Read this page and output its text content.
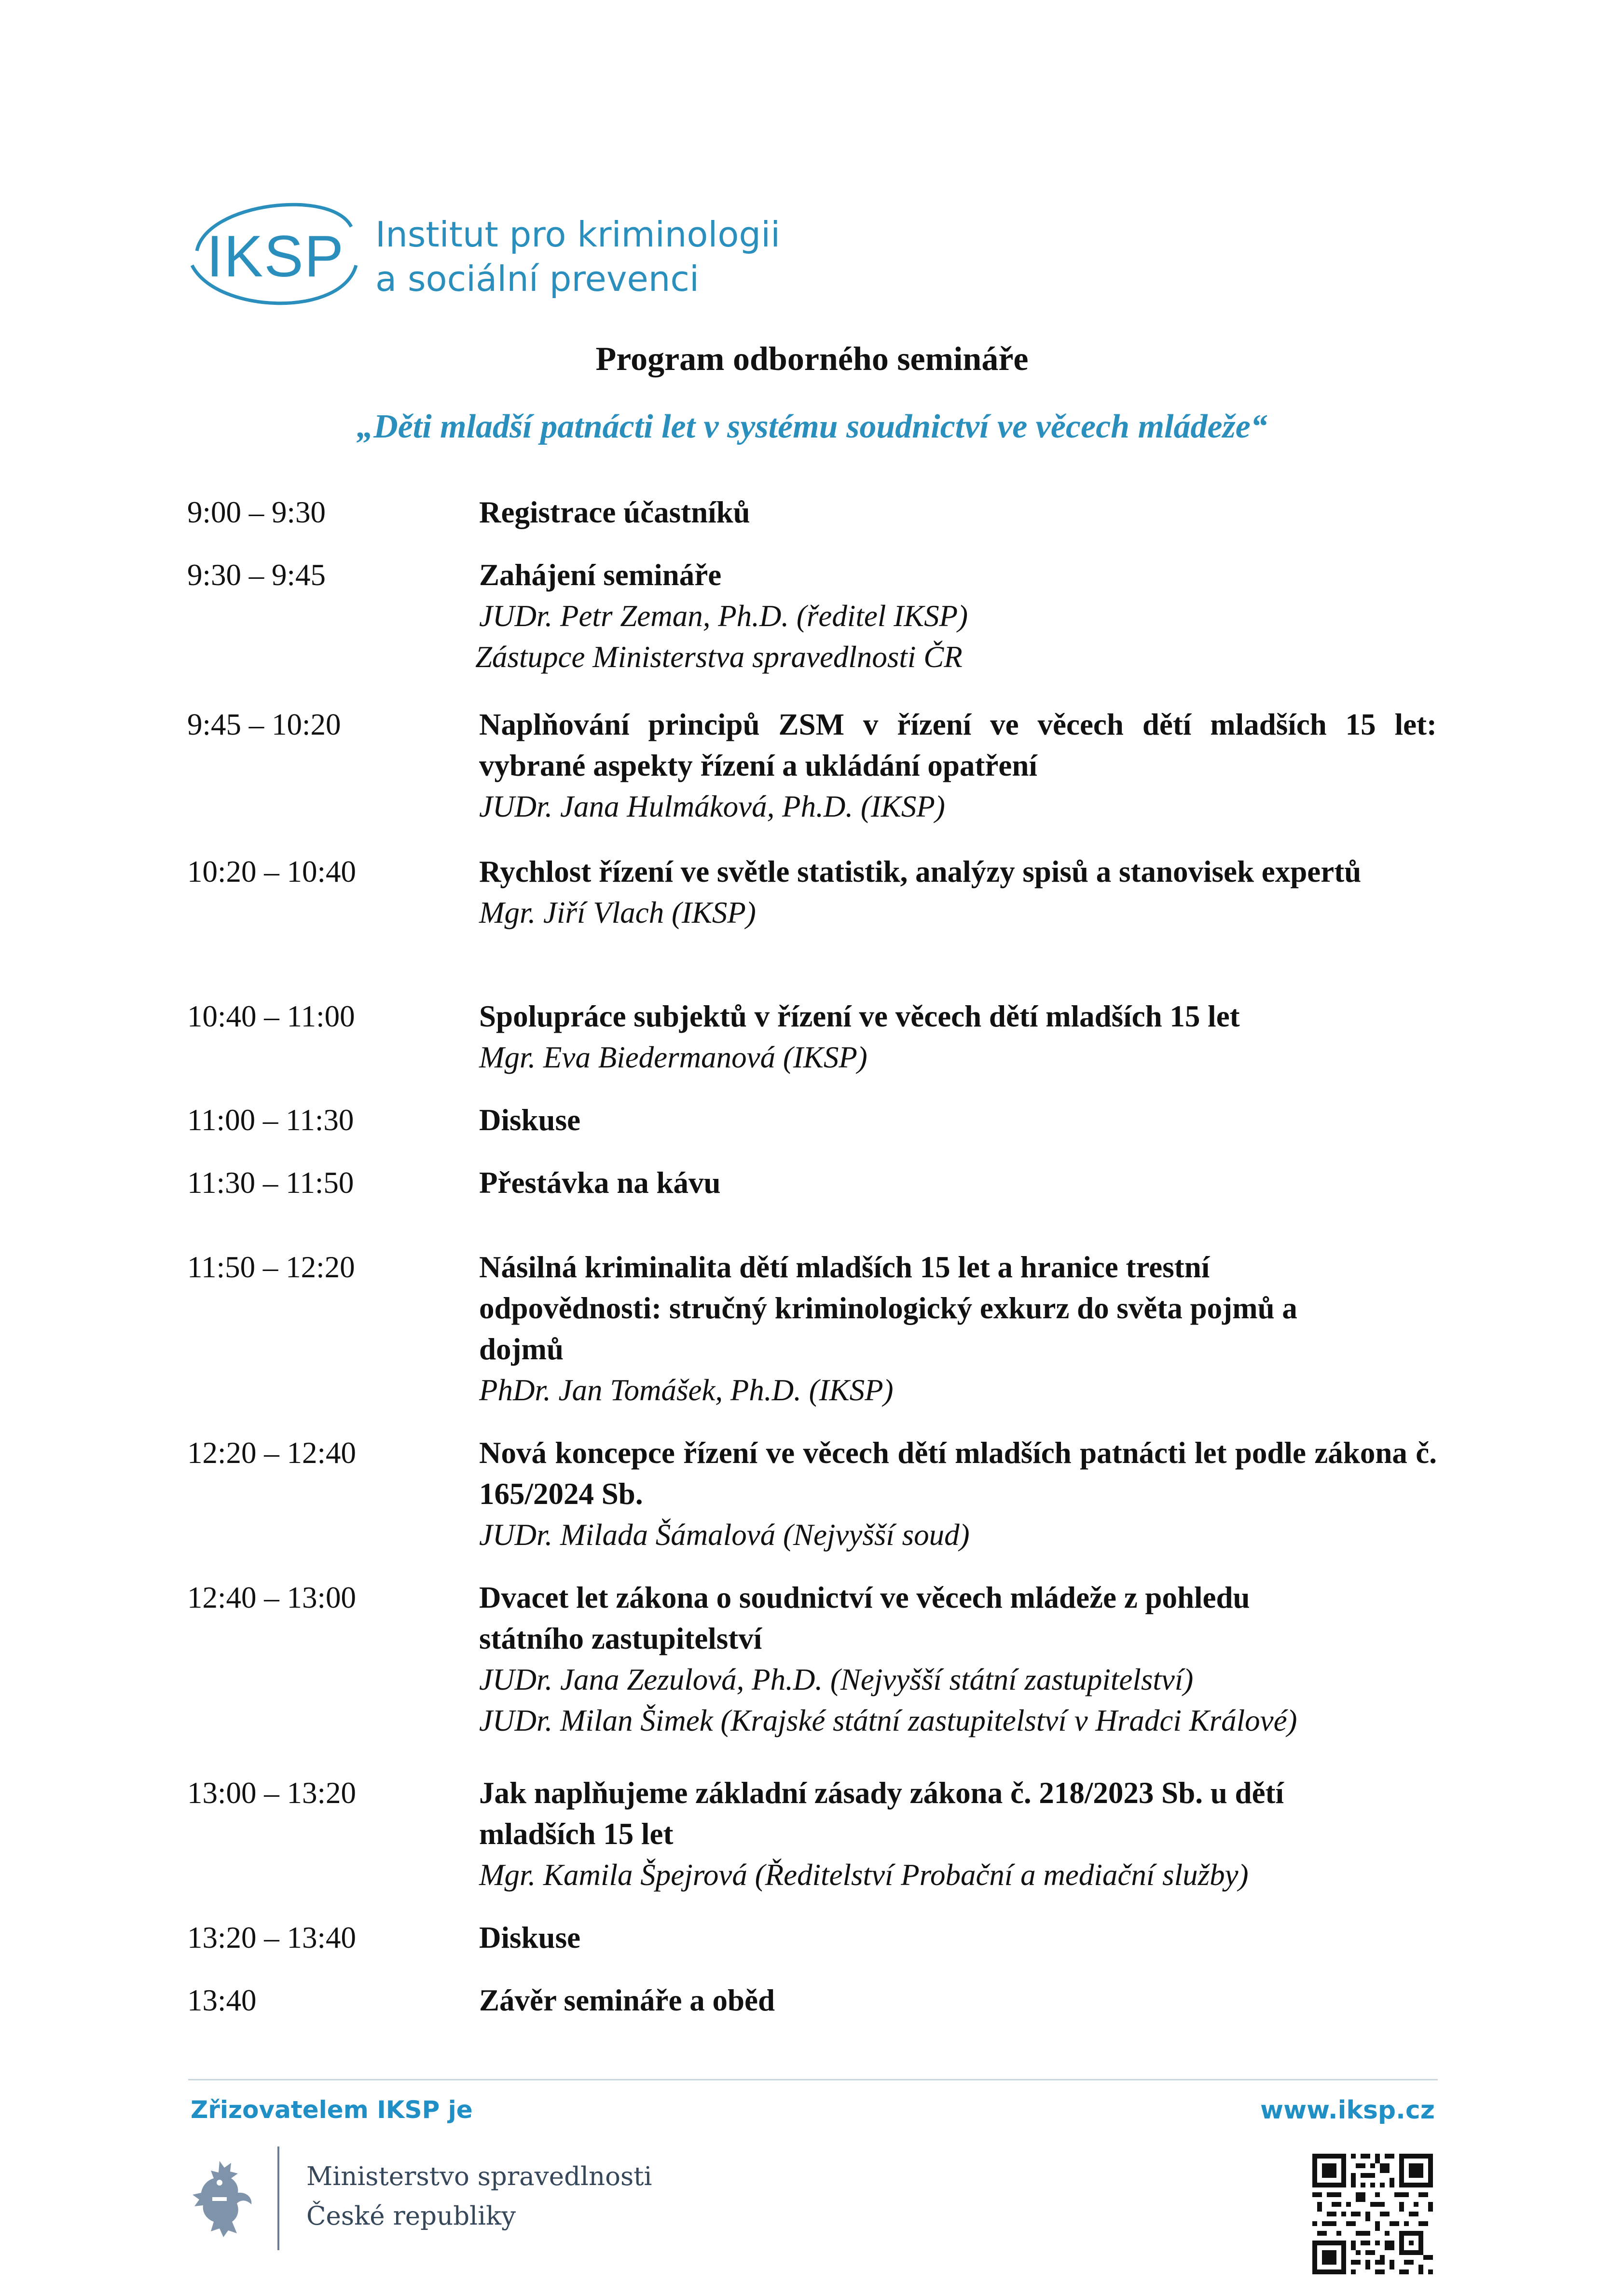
IKSP Institut pro kriminologii
a sociální prevenci
Program odborného semináře
„Děti mladší patnácti let v systému soudnictví ve věcech mládeže“
9:00 – 9:30	Registrace účastníků
9:30 – 9:45	Zahájení semináře
JUDr. Petr Zeman, Ph.D. (ředitel IKSP)
Zástupce Ministerstva spravedlnosti ČR
9:45 – 10:20	Naplňování principů ZSM v řízení ve věcech dětí mladších 15 let: vybrané aspekty řízení a ukládání opatření
JUDr. Jana Hulmáková, Ph.D. (IKSP)
10:20 – 10:40	Rychlost řízení ve světle statistik, analýzy spisů a stanovisek expertů
Mgr. Jiří Vlach (IKSP)
10:40 – 11:00	Spolupráce subjektů v řízení ve věcech dětí mladších 15 let
Mgr. Eva Biedermanová (IKSP)
11:00 – 11:30	Diskuse
11:30 – 11:50	Přestávka na kávu
11:50 – 12:20	Násilná kriminalita dětí mladších 15 let a hranice trestní
odpovědnosti: stručný kriminologický exkurz do světa pojmů a
dojmů
PhDr. Jan Tomášek, Ph.D. (IKSP)
12:20 – 12:40	Nová koncepce řízení ve věcech dětí mladších patnácti let podle zákona č. 165/2024 Sb.
JUDr. Milada Šámalová (Nejvyšší soud)
12:40 – 13:00	Dvacet let zákona o soudnictví ve věcech mládeže z pohledu
státního zastupitelství
JUDr. Jana Zezulová, Ph.D. (Nejvyšší státní zastupitelství)
JUDr. Milan Šimek (Krajské státní zastupitelství v Hradci Králové)
13:00 – 13:20	Jak naplňujeme základní zásady zákona č. 218/2023 Sb. u dětí
mladších 15 let
Mgr. Kamila Špejrová (Ředitelství Probační a mediační služby)
13:20 – 13:40	Diskuse
13:40	Závěr semináře a oběd
Zřizovatelem IKSP je	www.iksp.cz
Ministerstvo spravedlnosti
České republiky
